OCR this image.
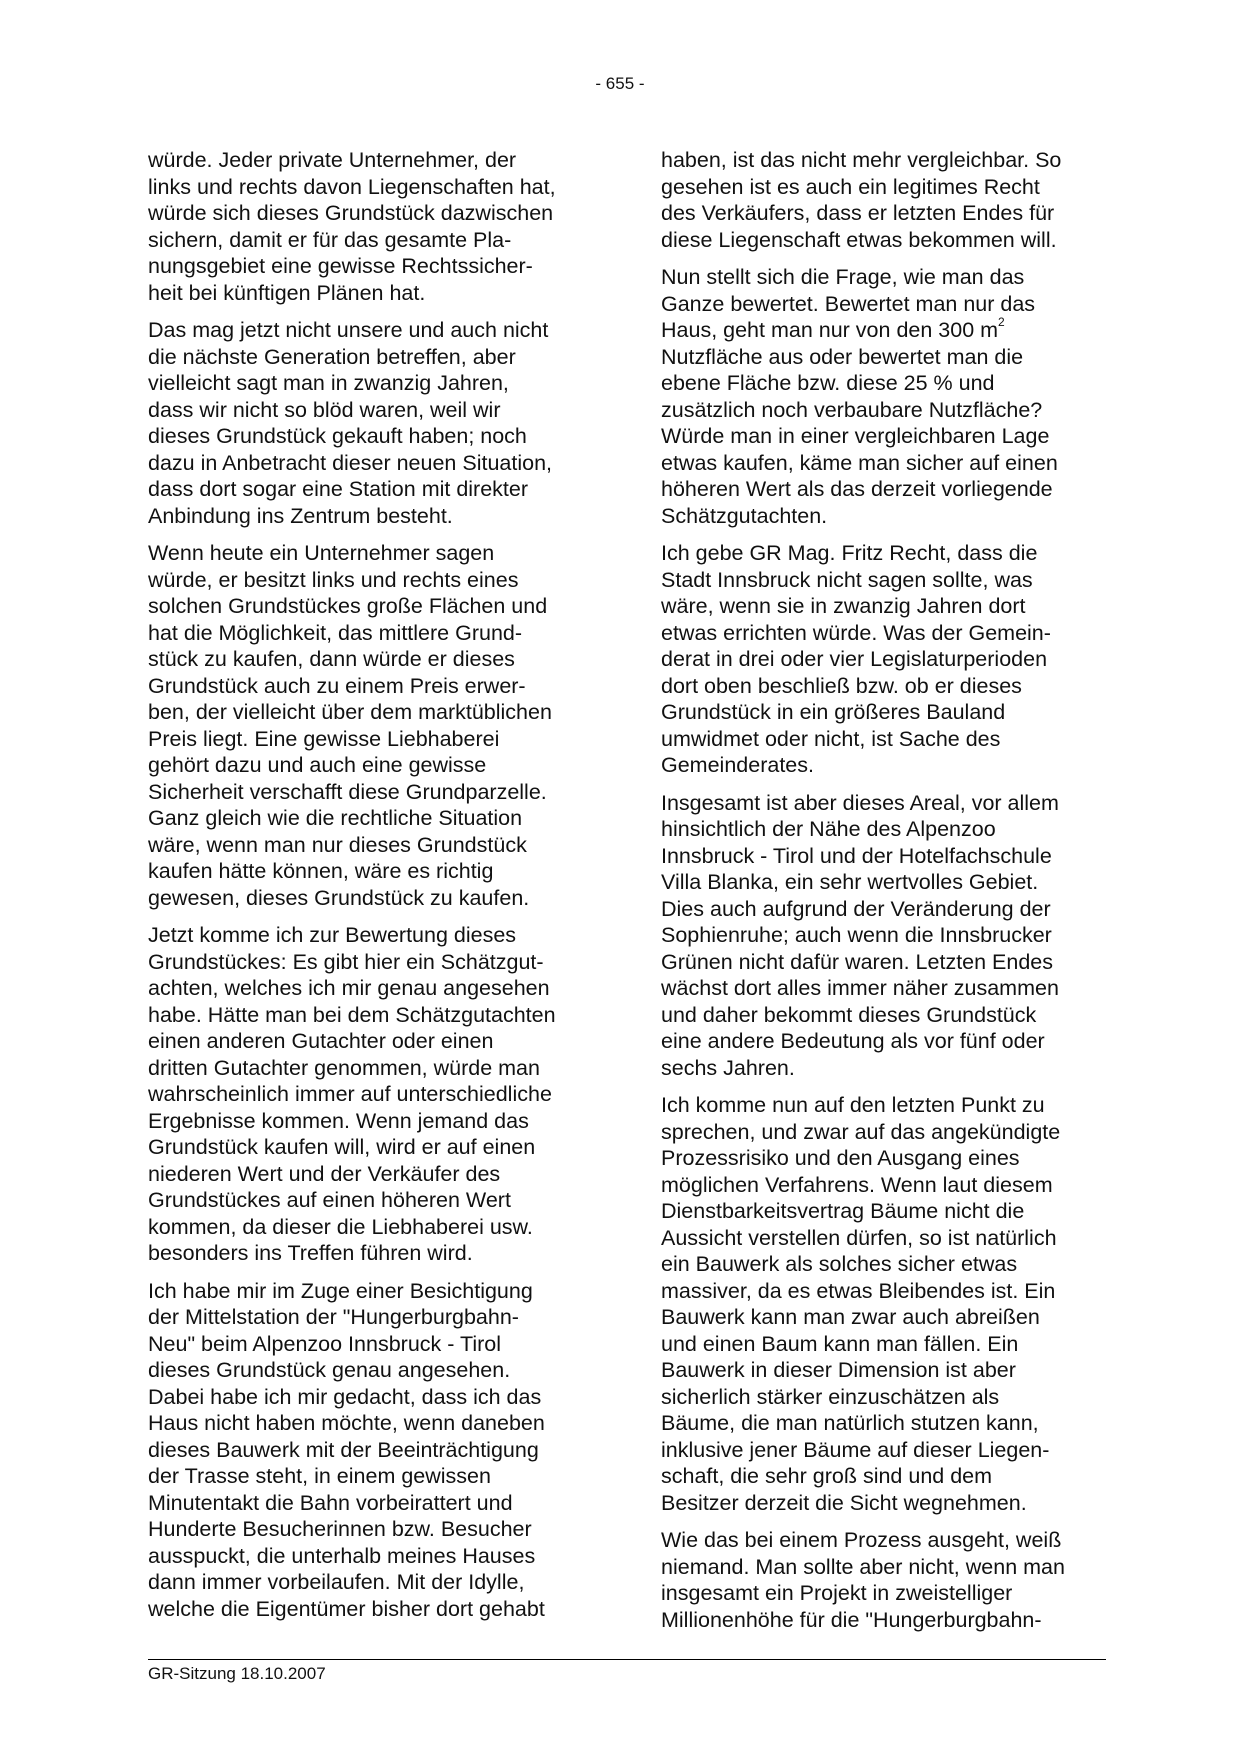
- 655 -

würde. Jeder private Unternehmer, der
links und rechts davon Liegenschaften hat,
würde sich dieses Grundstück dazwischen
sichern, damit er für das gesamte Pla-
nungsgebiet eine gewisse Rechtssicher-
heit bei künftigen Plänen hat.

Das mag jetzt nicht unsere und auch nicht
die nächste Generation betreffen, aber
vielleicht sagt man in zwanzig Jahren,
dass wir nicht so blöd waren, weil wir
dieses Grundstück gekauft haben; noch
dazu in Anbetracht dieser neuen Situation,
dass dort sogar eine Station mit direkter
Anbindung ins Zentrum besteht.

Wenn heute ein Unternehmer sagen
würde, er besitzt links und rechts eines
solchen Grundstückes große Flächen und
hat die Möglichkeit, das mittlere Grund-
stück zu kaufen, dann würde er dieses
Grundstück auch zu einem Preis erwer-
ben, der vielleicht über dem marktüblichen
Preis liegt. Eine gewisse Liebhaberei
gehört dazu und auch eine gewisse
Sicherheit verschafft diese Grundparzelle.
Ganz gleich wie die rechtliche Situation
wäre, wenn man nur dieses Grundstück
kaufen hätte können, wäre es richtig
gewesen, dieses Grundstück zu kaufen.

Jetzt komme ich zur Bewertung dieses
Grundstückes: Es gibt hier ein Schätzgut-
achten, welches ich mir genau angesehen
habe. Hätte man bei dem Schätzgutachten
einen anderen Gutachter oder einen
dritten Gutachter genommen, würde man
wahrscheinlich immer auf unterschiedliche
Ergebnisse kommen. Wenn jemand das
Grundstück kaufen will, wird er auf einen
niederen Wert und der Verkäufer des
Grundstückes auf einen höheren Wert
kommen, da dieser die Liebhaberei usw.
besonders ins Treffen führen wird.

Ich habe mir im Zuge einer Besichtigung
der Mittelstation der "Hungerburgbahn-
Neu" beim Alpenzoo Innsbruck - Tirol
dieses Grundstück genau angesehen.
Dabei habe ich mir gedacht, dass ich das
Haus nicht haben möchte, wenn daneben
dieses Bauwerk mit der Beeinträchtigung
der Trasse steht, in einem gewissen
Minutentakt die Bahn vorbeirattert und
Hunderte Besucherinnen bzw. Besucher
ausspuckt, die unterhalb meines Hauses
dann immer vorbeilaufen. Mit der Idylle,
welche die Eigentümer bisher dort gehabt

haben, ist das nicht mehr vergleichbar. So
gesehen ist es auch ein legitimes Recht
des Verkäufers, dass er letzten Endes für
diese Liegenschaft etwas bekommen will.

Nun stellt sich die Frage, wie man das
Ganze bewertet. Bewertet man nur das
Haus, geht man nur von den 300 $m^2$
Nutzfläche aus oder bewertet man die
ebene Fläche bzw. diese 25 % und
zusätzlich noch verbaubare Nutzfläche?
Würde man in einer vergleichbaren Lage
etwas kaufen, käme man sicher auf einen
höheren Wert als das derzeit vorliegende
Schätzgutachten.

Ich gebe GR Mag. Fritz Recht, dass die
Stadt Innsbruck nicht sagen sollte, was
wäre, wenn sie in zwanzig Jahren dort
etwas errichten würde. Was der Gemein-
derat in drei oder vier Legislaturperioden
dort oben beschließ bzw. ob er dieses
Grundstück in ein größeres Bauland
umwidmet oder nicht, ist Sache des
Gemeinderates.

Insgesamt ist aber dieses Areal, vor allem
hinsichtlich der Nähe des Alpenzoo
Innsbruck - Tirol und der Hotelfachschule
Villa Blanka, ein sehr wertvolles Gebiet.
Dies auch aufgrund der Veränderung der
Sophienruhe; auch wenn die Innsbrucker
Grünen nicht dafür waren. Letzten Endes
wächst dort alles immer näher zusammen
und daher bekommt dieses Grundstück
eine andere Bedeutung als vor fünf oder
sechs Jahren.

Ich komme nun auf den letzten Punkt zu
sprechen, und zwar auf das angekündigte
Prozessrisiko und den Ausgang eines
möglichen Verfahrens. Wenn laut diesem
Dienstbarkeitsvertrag Bäume nicht die
Aussicht verstellen dürfen, so ist natürlich
ein Bauwerk als solches sicher etwas
massiver, da es etwas Bleibendes ist. Ein
Bauwerk kann man zwar auch abreißen
und einen Baum kann man fällen. Ein
Bauwerk in dieser Dimension ist aber
sicherlich stärker einzuschätzen als
Bäume, die man natürlich stutzen kann,
inklusive jener Bäume auf dieser Liegen-
schaft, die sehr groß sind und dem
Besitzer derzeit die Sicht wegnehmen.

Wie das bei einem Prozess ausgeht, weiß
niemand. Man sollte aber nicht, wenn man
insgesamt ein Projekt in zweistelliger
Millionenhöhe für die "Hungerburgbahn-

GR-Sitzung 18.10.2007
